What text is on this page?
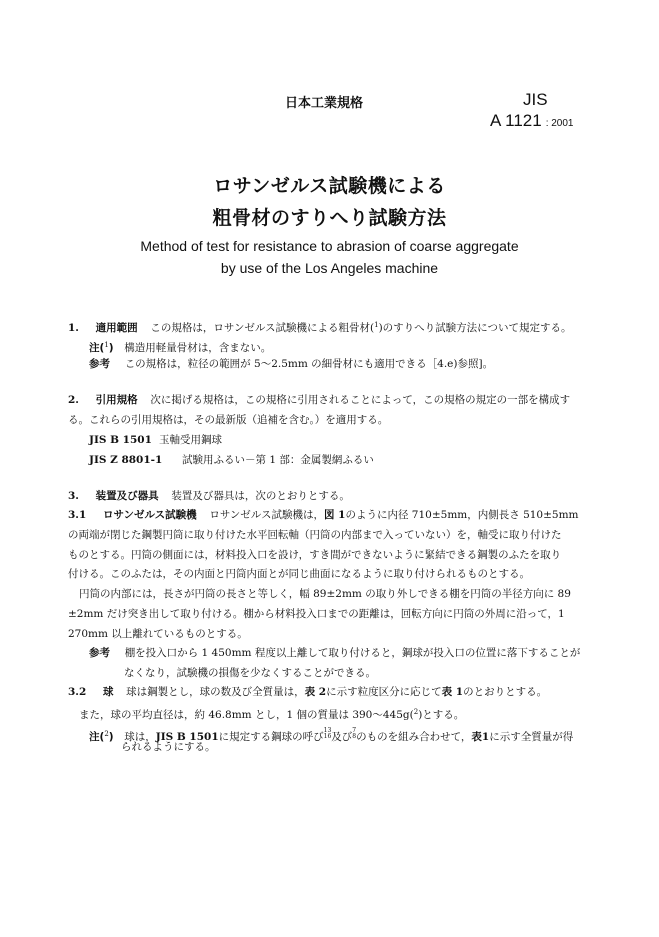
日本工業規格	JIS
A 1121 : 2001
ロサンゼルス試験機による
粗骨材のすりへり試験方法
Method of test for resistance to abrasion of coarse aggregate
by use of the Los Angeles machine
1. 適用範囲 この規格は，ロサンゼルス試験機による粗骨材($^1$)のすりへり試験方法について規定する。
注($^1$) 構造用軽量骨材は，含まない。
参考 この規格は，粒径の範囲が 5～2.5mm の細骨材にも適用できる［4.e)参照]。
2. 引用規格 次に掲げる規格は，この規格に引用されることによって，この規格の規定の一部を構成す
る。これらの引用規格は，その最新版（追補を含む。）を適用する。
JIS B 1501 玉軸受用鋼球
JIS Z 8801-1 試験用ふるい－第 1 部：金属製網ふるい
3. 装置及び器具 装置及び器具は，次のとおりとする。
3.1 ロサンゼルス試験機 ロサンゼルス試験機は，図 1のように内径 710±5mm，内側長さ 510±5mm
の両端が閉じた鋼製円筒に取り付けた水平回転軸（円筒の内部まで入っていない）を，軸受に取り付けた
ものとする。円筒の側面には，材料投入口を設け，すき間ができないように緊結できる鋼製のふたを取り
付ける。このふたは，その内面と円筒内面とが同じ曲面になるように取り付けられるものとする。
円筒の内部には，長さが円筒の長さと等しく，幅 89±2mm の取り外しできる棚を円筒の半径方向に 89
±2mm だけ突き出して取り付ける。棚から材料投入口までの距離は，回転方向に円筒の外周に沿って，1
270mm 以上離れているものとする。
参考 棚を投入口から 1 450mm 程度以上離して取り付けると，鋼球が投入口の位置に落下することが
なくなり，試験機の損傷を少なくすることができる。
3.2 球 球は鋼製とし，球の数及び全質量は，表 2に示す粒度区分に応じて表 1のとおりとする。
また，球の平均直径は，約 46.8mm とし，1 個の質量は 390～445g($^2$)とする。
注($^2$) 球は，JIS B 1501に規定する鋼球の呼び
13
16 及び
7
8 のものを組み合わせて，表1に示す全質量が得
られるようにする。
